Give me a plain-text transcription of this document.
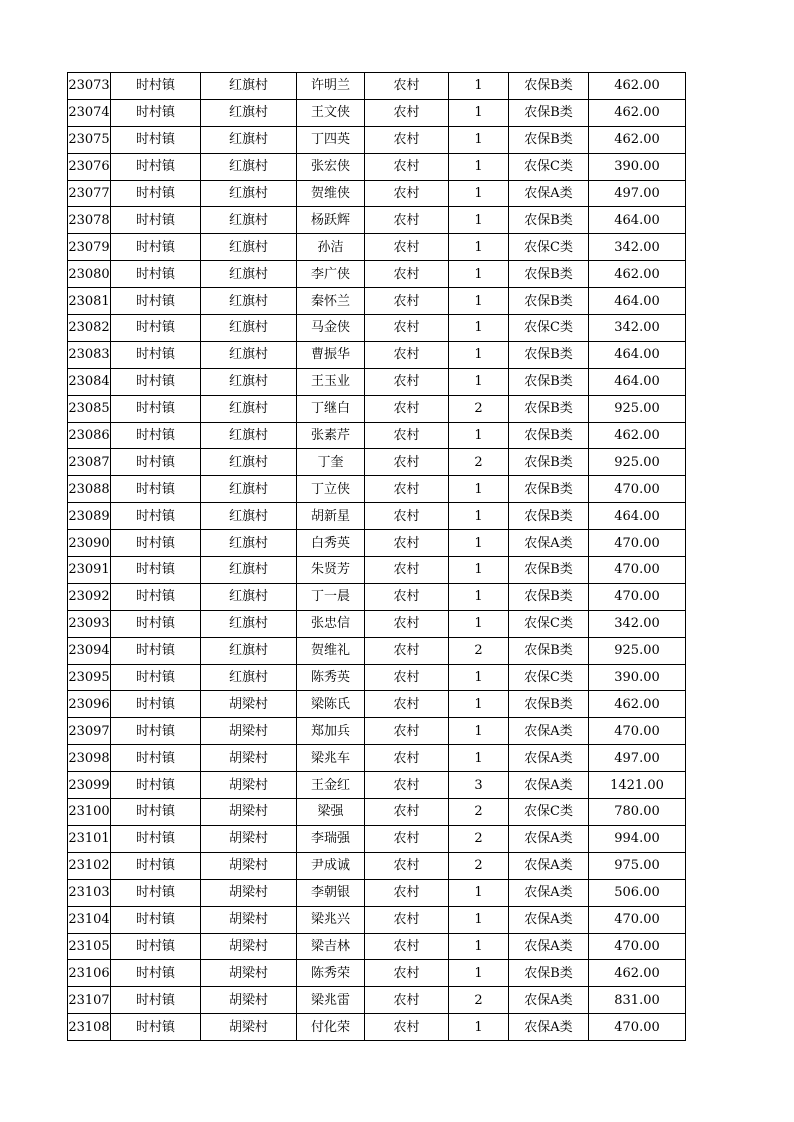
23073	时村镇	红旗村	许明兰	农村	1	农保B类	462.00
23074	时村镇	红旗村	王文侠	农村	1	农保B类	462.00
23075	时村镇	红旗村	丁四英	农村	1	农保B类	462.00
23076	时村镇	红旗村	张宏侠	农村	1	农保C类	390.00
23077	时村镇	红旗村	贺维侠	农村	1	农保A类	497.00
23078	时村镇	红旗村	杨跃辉	农村	1	农保B类	464.00
23079	时村镇	红旗村	孙洁	农村	1	农保C类	342.00
23080	时村镇	红旗村	李广侠	农村	1	农保B类	462.00
23081	时村镇	红旗村	秦怀兰	农村	1	农保B类	464.00
23082	时村镇	红旗村	马金侠	农村	1	农保C类	342.00
23083	时村镇	红旗村	曹振华	农村	1	农保B类	464.00
23084	时村镇	红旗村	王玉业	农村	1	农保B类	464.00
23085	时村镇	红旗村	丁继白	农村	2	农保B类	925.00
23086	时村镇	红旗村	张素芹	农村	1	农保B类	462.00
23087	时村镇	红旗村	丁奎	农村	2	农保B类	925.00
23088	时村镇	红旗村	丁立侠	农村	1	农保B类	470.00
23089	时村镇	红旗村	胡新星	农村	1	农保B类	464.00
23090	时村镇	红旗村	白秀英	农村	1	农保A类	470.00
23091	时村镇	红旗村	朱贤芳	农村	1	农保B类	470.00
23092	时村镇	红旗村	丁一晨	农村	1	农保B类	470.00
23093	时村镇	红旗村	张忠信	农村	1	农保C类	342.00
23094	时村镇	红旗村	贺维礼	农村	2	农保B类	925.00
23095	时村镇	红旗村	陈秀英	农村	1	农保C类	390.00
23096	时村镇	胡梁村	梁陈氏	农村	1	农保B类	462.00
23097	时村镇	胡梁村	郑加兵	农村	1	农保A类	470.00
23098	时村镇	胡梁村	梁兆车	农村	1	农保A类	497.00
23099	时村镇	胡梁村	王金红	农村	3	农保A类	1421.00
23100	时村镇	胡梁村	梁强	农村	2	农保C类	780.00
23101	时村镇	胡梁村	李瑞强	农村	2	农保A类	994.00
23102	时村镇	胡梁村	尹成诚	农村	2	农保A类	975.00
23103	时村镇	胡梁村	李朝银	农村	1	农保A类	506.00
23104	时村镇	胡梁村	梁兆兴	农村	1	农保A类	470.00
23105	时村镇	胡梁村	梁吉林	农村	1	农保A类	470.00
23106	时村镇	胡梁村	陈秀荣	农村	1	农保B类	462.00
23107	时村镇	胡梁村	梁兆雷	农村	2	农保A类	831.00
23108	时村镇	胡梁村	付化荣	农村	1	农保A类	470.00
